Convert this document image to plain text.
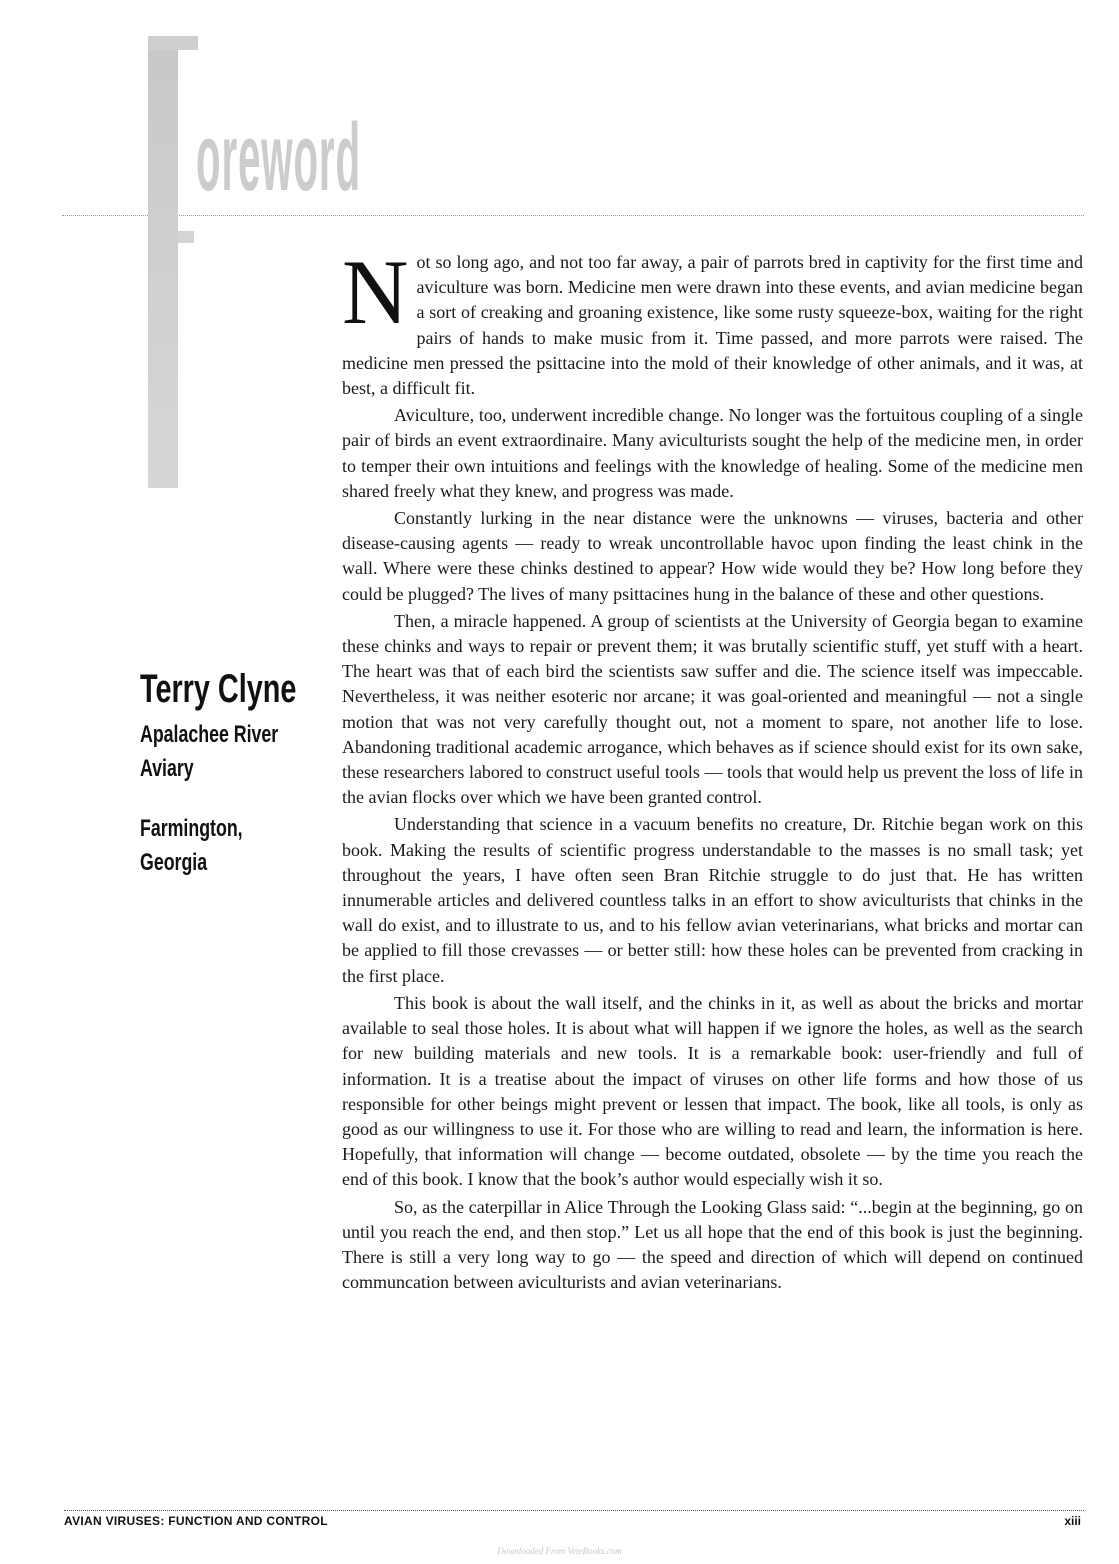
oreword
Terry Clyne
Apalachee River
Aviary
Farmington,
Georgia

Not so long ago, and not too far away, a pair of parrots bred in captivity for the first time and aviculture was born. Medicine men were drawn into these events, and avian medicine began a sort of creaking and groaning existence, like some rusty squeeze-box, waiting for the right pairs of hands to make music from it. Time passed, and more parrots were raised. The medicine men pressed the psittacine into the mold of their knowledge of other animals, and it was, at best, a difficult fit.

Aviculture, too, underwent incredible change. No longer was the fortuitous coupling of a single pair of birds an event extraordinaire. Many aviculturists sought the help of the medicine men, in order to temper their own intuitions and feelings with the knowledge of healing. Some of the medicine men shared freely what they knew, and progress was made.

Constantly lurking in the near distance were the unknowns — viruses, bacteria and other disease-causing agents — ready to wreak uncontrollable havoc upon finding the least chink in the wall. Where were these chinks destined to appear? How wide would they be? How long before they could be plugged? The lives of many psittacines hung in the balance of these and other questions.

Then, a miracle happened. A group of scientists at the University of Georgia began to examine these chinks and ways to repair or prevent them; it was brutally scientific stuff, yet stuff with a heart. The heart was that of each bird the scientists saw suffer and die. The science itself was impeccable. Nevertheless, it was neither esoteric nor arcane; it was goal-oriented and meaningful — not a single motion that was not very carefully thought out, not a moment to spare, not another life to lose. Abandoning traditional academic arrogance, which behaves as if science should exist for its own sake, these researchers labored to construct useful tools — tools that would help us prevent the loss of life in the avian flocks over which we have been granted control.

Understanding that science in a vacuum benefits no creature, Dr. Ritchie began work on this book. Making the results of scientific progress understandable to the masses is no small task; yet throughout the years, I have often seen Bran Ritchie struggle to do just that. He has written innumerable articles and delivered countless talks in an effort to show aviculturists that chinks in the wall do exist, and to illustrate to us, and to his fellow avian veterinarians, what bricks and mortar can be applied to fill those crevasses — or better still: how these holes can be prevented from cracking in the first place.

This book is about the wall itself, and the chinks in it, as well as about the bricks and mortar available to seal those holes. It is about what will happen if we ignore the holes, as well as the search for new building materials and new tools. It is a remarkable book: user-friendly and full of information. It is a treatise about the impact of viruses on other life forms and how those of us responsible for other beings might prevent or lessen that impact. The book, like all tools, is only as good as our willingness to use it. For those who are willing to read and learn, the information is here. Hopefully, that information will change — become outdated, obsolete — by the time you reach the end of this book. I know that the book’s author would especially wish it so.

So, as the caterpillar in Alice Through the Looking Glass said: “...begin at the beginning, go on until you reach the end, and then stop.” Let us all hope that the end of this book is just the beginning. There is still a very long way to go — the speed and direction of which will depend on continued communcation between aviculturists and avian veterinarians.

AVIAN VIRUSES: FUNCTION AND CONTROL	xiii
Downloaded From VeteBooks.com
